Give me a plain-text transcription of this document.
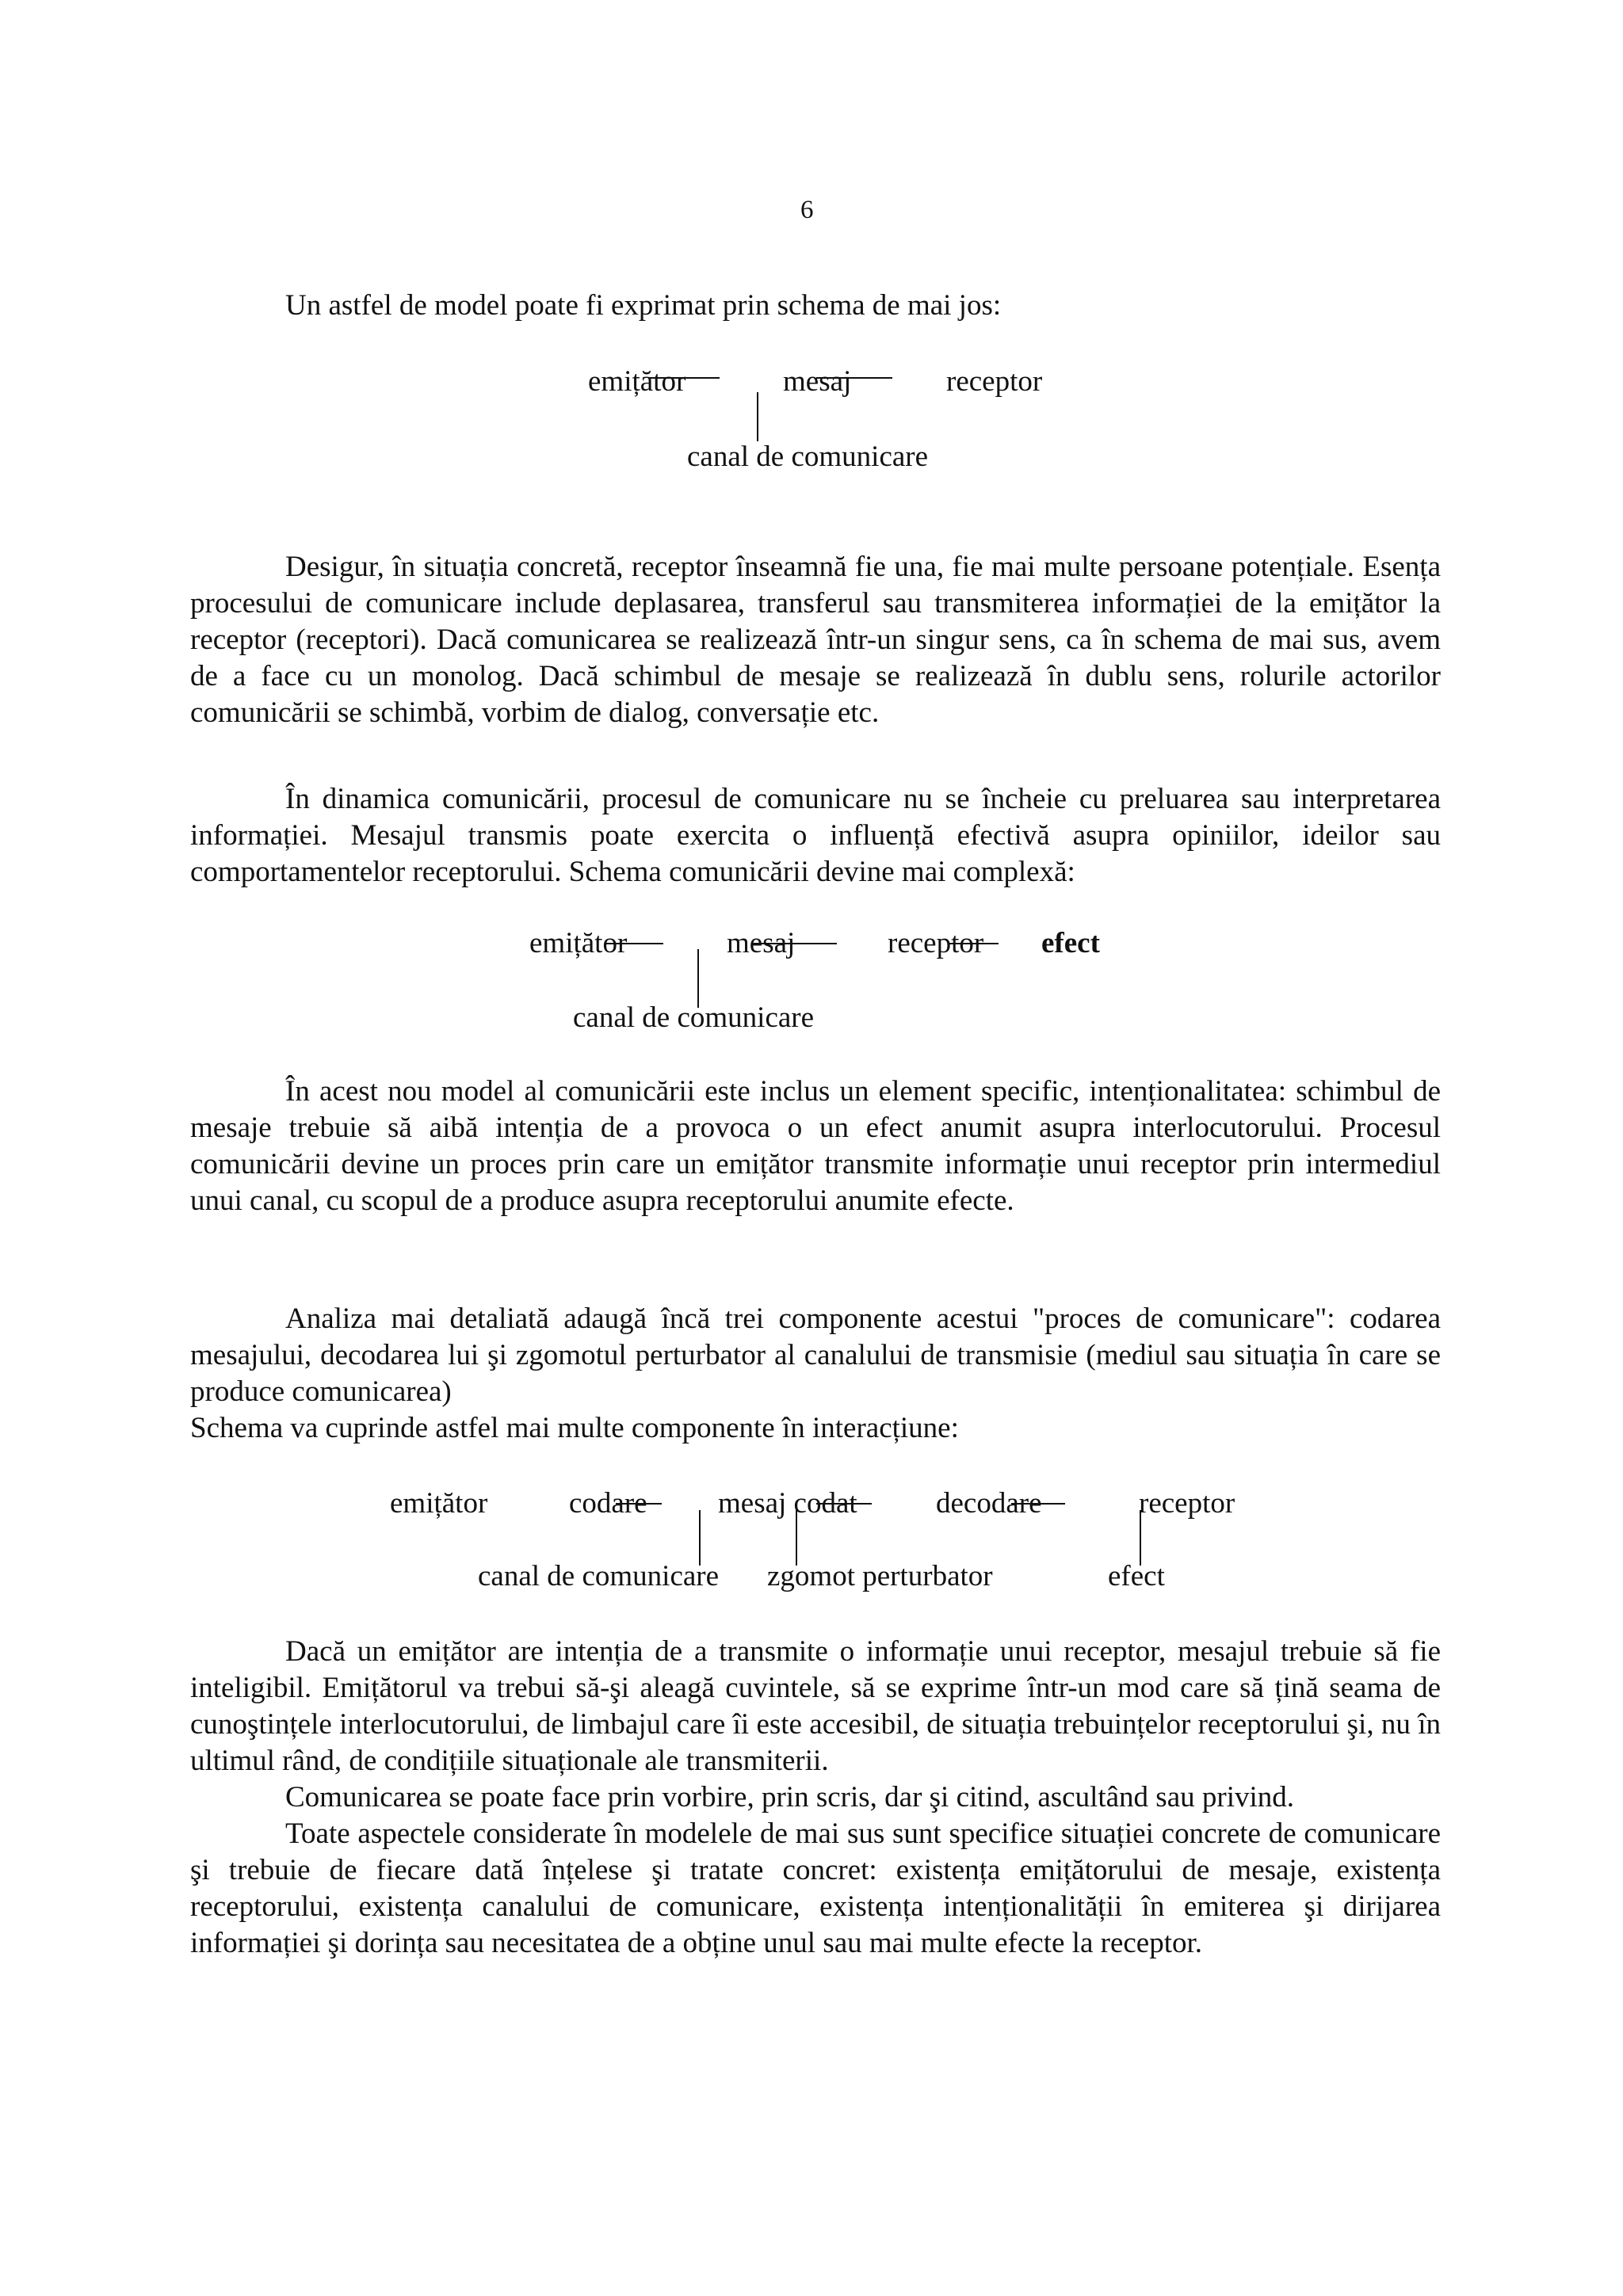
6
Un astfel de model poate fi exprimat prin schema de mai jos:
emițător	mesaj	receptor
canal de comunicare

Desigur, în situația concretă, receptor înseamnă fie una, fie mai multe persoane potențiale. Esența procesului de comunicare include deplasarea, transferul sau transmiterea informației de la emițător la receptor (receptori). Dacă comunicarea se realizează într-un singur sens, ca în schema de mai sus, avem de a face cu un monolog. Dacă schimbul de mesaje se realizează în dublu sens, rolurile actorilor comunicării se schimbă, vorbim de dialog, conversație etc.

În dinamica comunicării, procesul de comunicare nu se încheie cu preluarea sau interpretarea informației. Mesajul transmis poate exercita o influență efectivă asupra opiniilor, ideilor sau comportamentelor receptorului. Schema comunicării devine mai complexă:

emițător	mesaj	receptor efect
canal de comunicare

În acest nou model al comunicării este inclus un element specific, intenționalitatea: schimbul de mesaje trebuie să aibă intenția de a provoca o un efect anumit asupra interlocutorului. Procesul comunicării devine un proces prin care un emițător transmite informație unui receptor prin intermediul unui canal, cu scopul de a produce asupra receptorului anumite efecte.

Analiza mai detaliată adaugă încă trei componente acestui "proces de comunicare": codarea mesajului, decodarea lui şi zgomotul perturbator al canalului de transmisie (mediul sau situația în care se produce comunicarea)

Schema va cuprinde astfel mai multe componente în interacțiune:

emițător	codare mesaj codat	decodare	receptor
canal de comunicare zgomot perturbator	efect

Dacă un emițător are intenția de a transmite o informație unui receptor, mesajul trebuie să fie inteligibil. Emițătorul va trebui să-şi aleagă cuvintele, să se exprime într-un mod care să țină seama de cunoştințele interlocutorului, de limbajul care îi este accesibil, de situația trebuințelor receptorului şi, nu în ultimul rând, de condițiile situaționale ale transmiterii.

Comunicarea se poate face prin vorbire, prin scris, dar şi citind, ascultând sau privind.

Toate aspectele considerate în modelele de mai sus sunt specifice situației concrete de comunicare şi trebuie de fiecare dată înțelese şi tratate concret: existența emițătorului de mesaje, existența receptorului, existența canalului de comunicare, existența intenționalității în emiterea şi dirijarea informației şi dorința sau necesitatea de a obține unul sau mai multe efecte la receptor.
